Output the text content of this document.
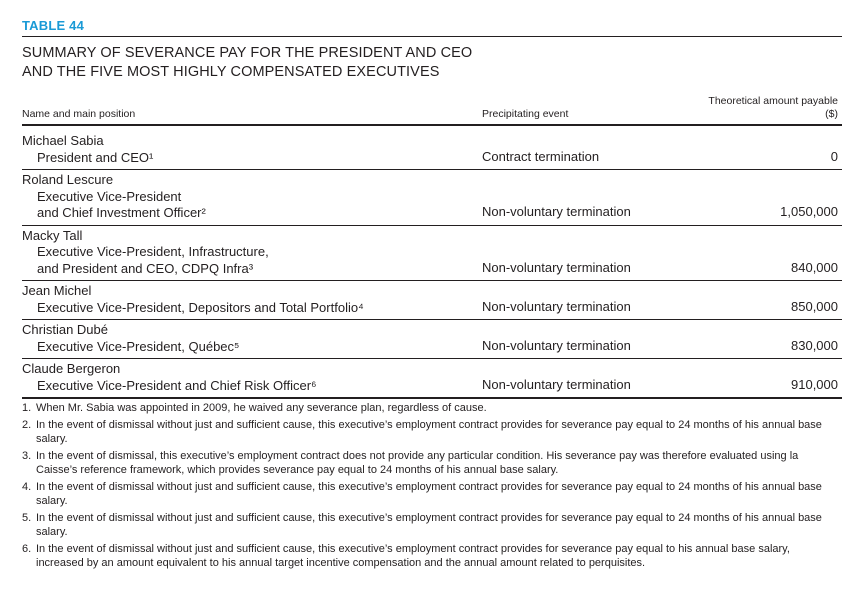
TABLE 44
SUMMARY OF SEVERANCE PAY FOR THE PRESIDENT AND CEO
AND THE FIVE MOST HIGHLY COMPENSATED EXECUTIVES
Name and main position	Precipitating event
Theoretical amount payable
($)
Michael Sabia
President and CEO¹	Contract termination	0
Roland Lescure
Executive Vice-President
and Chief Investment Officer²	Non-voluntary termination	1,050,000
Macky Tall
Executive Vice-President, Infrastructure,
and President and CEO, CDPQ Infra³	Non-voluntary termination	840,000
Jean Michel
Executive Vice-President, Depositors and Total Portfolio⁴	Non-voluntary termination	850,000
Christian Dubé
Executive Vice-President, Québec⁵	Non-voluntary termination	830,000
Claude Bergeron
Executive Vice-President and Chief Risk Officer⁶	Non-voluntary termination	910,000
1. When Mr. Sabia was appointed in 2009, he waived any severance plan, regardless of cause.
2. In the event of dismissal without just and sufficient cause, this executive’s employment contract provides for severance pay equal to 24 months of his annual base salary.
3. In the event of dismissal, this executive’s employment contract does not provide any particular condition. His severance pay was therefore evaluated using la Caisse’s reference framework, which provides severance pay equal to 24 months of his annual base salary.
4. In the event of dismissal without just and sufficient cause, this executive’s employment contract provides for severance pay equal to 24 months of his annual base salary.
5. In the event of dismissal without just and sufficient cause, this executive’s employment contract provides for severance pay equal to 24 months of his annual base salary.
6. In the event of dismissal without just and sufficient cause, this executive’s employment contract provides for severance pay equal to his annual base salary, increased by an amount equivalent to his annual target incentive compensation and the annual amount related to perquisites.
